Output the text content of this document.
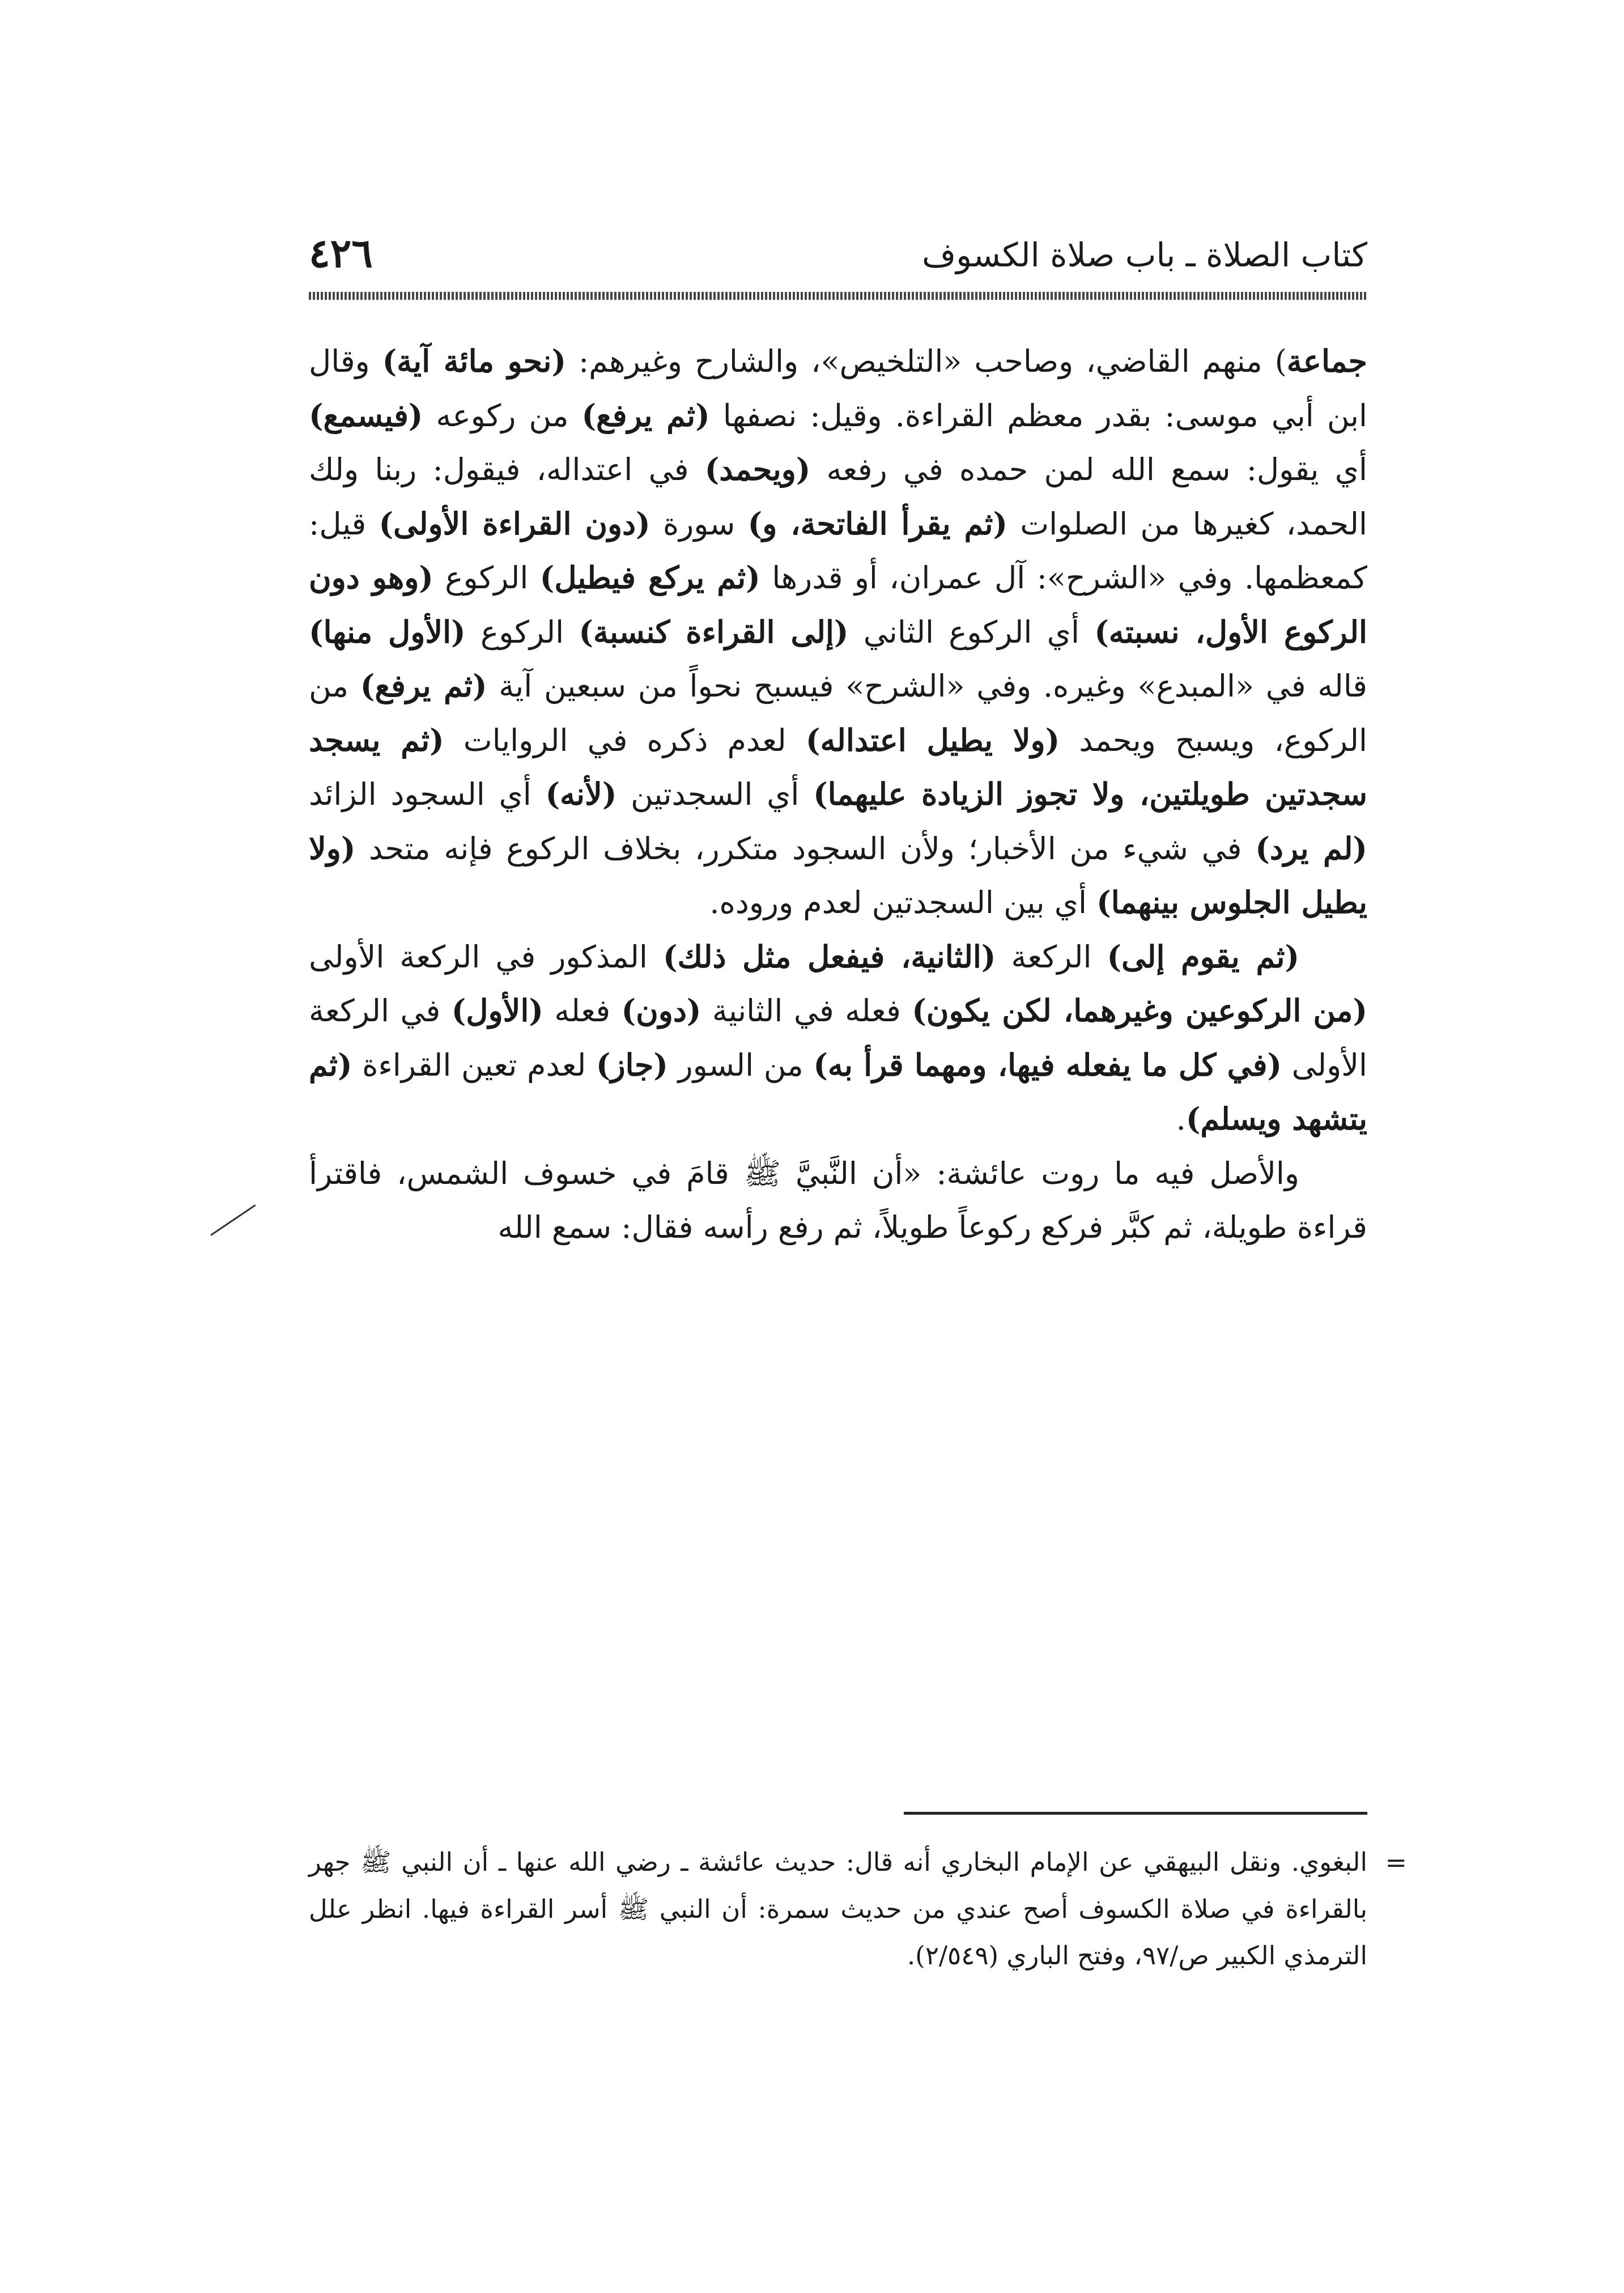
كتاب الصلاة ـ باب صلاة الكسوف
٤٢٦

جماعة) منهم القاضي، وصاحب «التلخيص»، والشارح وغيرهم: (نحو مائة آية) وقال ابن أبي موسى: بقدر معظم القراءة. وقيل: نصفها (ثم يرفع) من ركوعه (فيسمع) أي يقول: سمع الله لمن حمده في رفعه (ويحمد) في اعتداله، فيقول: ربنا ولك الحمد، كغيرها من الصلوات (ثم يقرأ الفاتحة، و) سورة (دون القراءة الأولى) قيل: كمعظمها. وفي «الشرح»: آل عمران، أو قدرها (ثم يركع فيطيل) الركوع (وهو دون الركوع الأول، نسبته) أي الركوع الثاني (إلى القراءة كنسبة) الركوع (الأول منها) قاله في «المبدع» وغيره. وفي «الشرح» فيسبح نحواً من سبعين آية (ثم يرفع) من الركوع، ويسبح ويحمد (ولا يطيل اعتداله) لعدم ذكره في الروايات (ثم يسجد سجدتين طويلتين، ولا تجوز الزيادة عليهما) أي السجدتين (لأنه) أي السجود الزائد (لم يرد) في شيء من الأخبار؛ ولأن السجود متكرر، بخلاف الركوع فإنه متحد (ولا يطيل الجلوس بينهما) أي بين السجدتين لعدم وروده.

(ثم يقوم إلى) الركعة (الثانية، فيفعل مثل ذلك) المذكور في الركعة الأولى (من الركوعين وغيرهما، لكن يكون) فعله في الثانية (دون) فعله (الأول) في الركعة الأولى (في كل ما يفعله فيها، ومهما قرأ به) من السور (جاز) لعدم تعين القراءة (ثم يتشهد ويسلم).

والأصل فيه ما روت عائشة: «أن النَّبيَّ ﷺ قامَ في خسوف الشمس، فاقترأ قراءة طويلة، ثم كبَّر فركع ركوعاً طويلاً، ثم رفع رأسه فقال: سمع الله

=
البغوي. ونقل البيهقي عن الإمام البخاري أنه قال: حديث عائشة ـ رضي الله عنها ـ أن النبي ﷺ جهر بالقراءة في صلاة الكسوف أصح عندي من حديث سمرة: أن النبي ﷺ أسر القراءة فيها. انظر علل الترمذي الكبير ص/٩٧، وفتح الباري (٢/٥٤٩).
